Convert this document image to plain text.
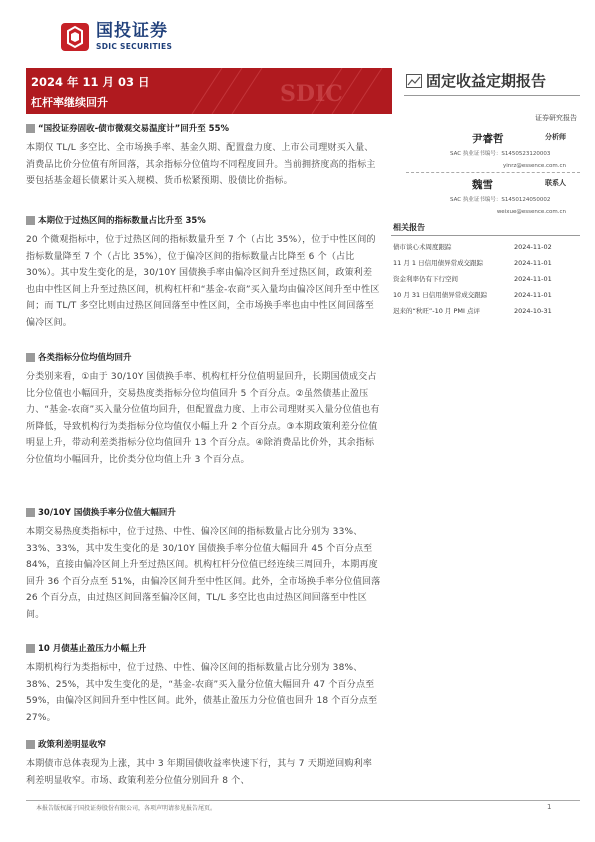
国投证券
SDIC SECURITIES
SDIC
2024 年 11 月 03 日
杠杆率继续回升
固定收益定期报告
证券研究报告
尹睿哲	分析师
SAC 执业证书编号：S1450523120003
yinrz@essence.com.cn
魏雪	联系人
SAC 执业证书编号：S1450124050002
weixue@essence.com.cn
相关报告
债市谈心术周度跟踪	2024-11-02
11 月 1 日信用债异常成交跟踪	2024-11-01
资金利率仍有下行空间	2024-11-01
10 月 31 日信用债异常成交跟踪	2024-11-01
迟来的“秋旺”-10 月 PMI 点评	2024-10-31
“国投证券固收-债市微观交易温度计”回升至 55%

本期仅 TL/L 多空比、全市场换手率、基金久期、配置盘力度、上市公司理财买入量、消费品比价分位值有所回落，其余指标分位值均不同程度回升。当前拥挤度高的指标主要包括基金超长债累计买入规模、货币松紧预期、股债比价指标。

本期位于过热区间的指标数量占比升至 35%

20 个微观指标中，位于过热区间的指标数量升至 7 个（占比 35%），位于中性区间的指标数量降至 7 个（占比 35%），位于偏冷区间的指标数量占比降至 6 个（占比 30%）。其中发生变化的是，30/10Y 国债换手率由偏冷区间升至过热区间，政策利差也由中性区间上升至过热区间，机构杠杆和“基金-农商”买入量均由偏冷区间升至中性区间；而 TL/T 多空比则由过热区间回落至中性区间，全市场换手率也由中性区间回落至偏冷区间。

各类指标分位均值均回升

分类别来看，①由于 30/10Y 国债换手率、机构杠杆分位值明显回升，长期国债成交占比分位值也小幅回升，交易热度类指标分位均值回升 5 个百分点。②虽然债基止盈压力、“基金-农商”买入量分位值均回升，但配置盘力度、上市公司理财买入量分位值也有所降低，导致机构行为类指标分位均值仅小幅上升 2 个百分点。③本期政策利差分位值明显上升，带动利差类指标分位均值回升 13 个百分点。④除消费品比价外，其余指标分位值均小幅回升，比价类分位均值上升 3 个百分点。

30/10Y 国债换手率分位值大幅回升

本期交易热度类指标中，位于过热、中性、偏冷区间的指标数量占比分别为 33%、33%、33%，其中发生变化的是 30/10Y 国债换手率分位值大幅回升 45 个百分点至 84%，直接由偏冷区间上升至过热区间。机构杠杆分位值已经连续三周回升，本期再度回升 36 个百分点至 51%，由偏冷区间升至中性区间。此外，全市场换手率分位值回落 26 个百分点，由过热区间回落至偏冷区间，TL/L 多空比也由过热区间回落至中性区间。

10 月债基止盈压力小幅上升

本期机构行为类指标中，位于过热、中性、偏冷区间的指标数量占比分别为 38%、38%、25%，其中发生变化的是，“基金-农商”买入量分位值大幅回升 47 个百分点至 59%，由偏冷区间回升至中性区间。此外，债基止盈压力分位值也回升 18 个百分点至 27%。

政策利差明显收窄

本期债市总体表现为上涨，其中 3 年期国债收益率快速下行，其与 7 天期逆回购利率利差明显收窄。市场、政策利差分位值分别回升 8 个、

本报告版权属于国投证券股份有限公司，各项声明请参见报告尾页。	1
